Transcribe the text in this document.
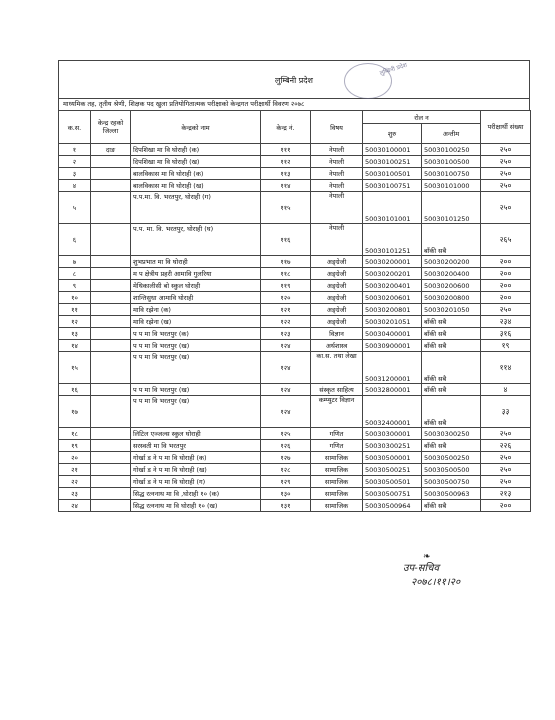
लुम्बिनी प्रदेश
लुम्बिनी प्रदेश
माध्यमिक तह, तृतीय श्रेणी, शिक्षक पद खुला प्रतियोगितात्मक परीक्षाको केन्द्रगत परीक्षार्थी विवरण २०७८
क.स.	केन्द्र रहको जिल्ला	केन्द्रको नाम	केन्द्र नं.	विषय	रोल न		परीक्षार्थी संख्या
					शुरु	अन्तीम	
१	दाङ	दिपशिखा मा वि घोराही (क)	१११	नेपाली	50030100001	50030100250	२५०
२		दिपशिखा मा वि घोराही (ख)	११२	नेपाली	50030100251	50030100500	२५०
३		बालविकास मा वि घोराही (क)	११३	नेपाली	50030100501	50030100750	२५०
४		बालविकास मा वि घोराही (ख)	११४	नेपाली	50030100751	50030101000	२५०
५		प.प.मा. वि. भरतपुर, घोराही (ग)	११५	नेपाली	50030101001	50030101250	२५०
६		प.प. मा. वि. भरतपुर, घोराही (घ)	११६	नेपाली	50030101251	बाँकी सबै	२६५
७		शुभप्रभात मा वि घोराही	११७	अङ्ग्रेजी	50030200001	50030200200	२००
८		म प क्षेत्रीय प्रहरी आमावि गुलरिया	११८	अङ्ग्रेजी	50030200201	50030200400	२००
९		मेथिकालीसी बो स्कुल घोराही	११९	अङ्ग्रेजी	50030200401	50030200600	२००
१०		शान्तिसुधा आमावि घोराही	१२०	अङ्ग्रेजी	50030200601	50030200800	२००
११		मावि रझेना (क)	१२१	अङ्ग्रेजी	50030200801	50030201050	२५०
१२		मावि रझेना (ख)	१२२	अङ्ग्रेजी	50030201051	बाँकी सबै	२३४
१३		प प मा वि भरतपुर (क)	१२३	विज्ञान	50030400001	बाँकी सबै	३१६
१४		प प मा वि भरतपुर (ख)	१२४	अर्थशास्त्र	50030900001	बाँकी सबै	१९
१५		प प मा वि भरतपुर (ख)	१२४	का.स. तथा लेखा	50031200001	बाँकी सबै	११४
१६		प प मा वि भरतपुर (ख)	१२४	संस्कृत साहित्य	50032800001	बाँकी सबै	४
१७		प प मा वि भरतपुर (ख)	१२४	कम्प्युटर विज्ञान	50032400001	बाँकी सबै	३३
१८		लिटिल एञ्जल्स स्कुल घोराही	१२५	गणित	50030300001	50030300250	२५०
१९		सरस्वती मा वि भरतपुर	१२६	गणित	50030300251	बाँकी सबै	२२६
२०		गोर्खा ड ने प मा वि घोराही (क)	१२७	सामाजिक	50030500001	50030500250	२५०
२१		गोर्खा ड ने प मा वि घोराही (ख)	१२८	सामाजिक	50030500251	50030500500	२५०
२२		गोर्खा ड ने प मा वि घोराही (ग)	१२९	सामाजिक	50030500501	50030500750	२५०
२३		सिद्ध रत्ननाथ मा वि ,घोराही १० (क)	१३०	सामाजिक	50030500751	50030500963	२१३
२४		सिद्ध रत्ननाथ मा वि घोराही १० (ख)	१३१	सामाजिक	50030500964	बाँकी सबै	२००
❧
उप-सचिव
२०७८।११।२०
